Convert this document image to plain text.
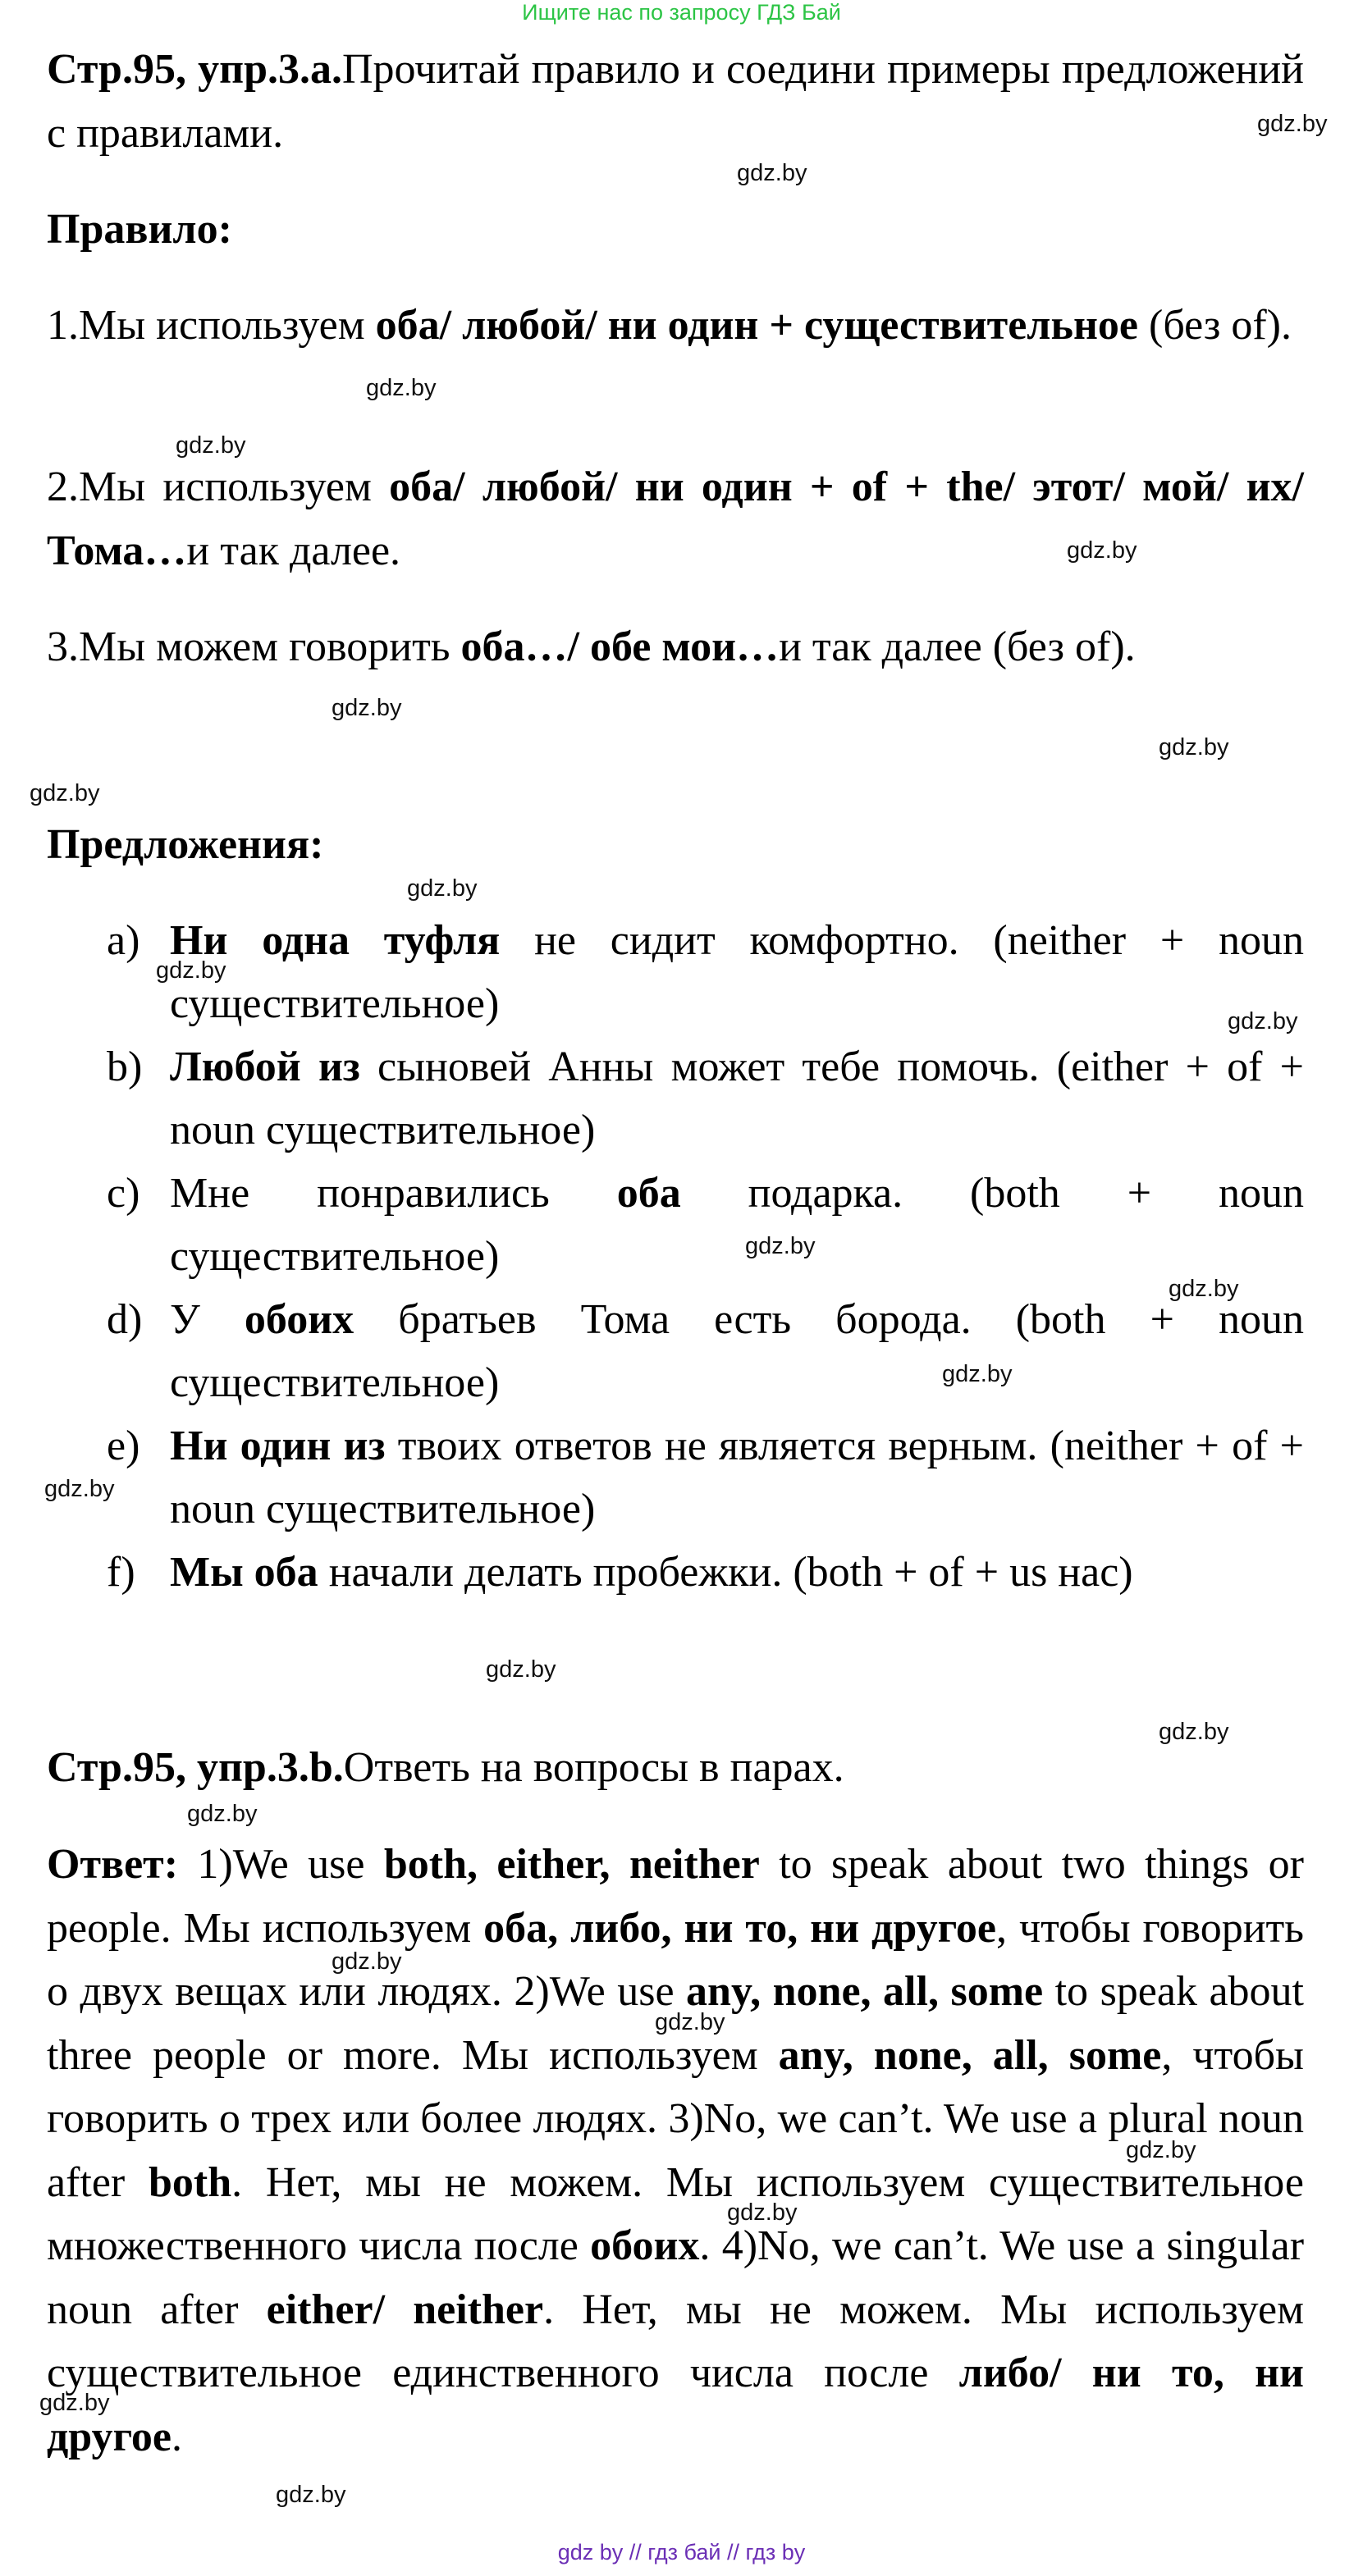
Ищите нас по запросу ГДЗ Бай

Стр.95, упр.3.a.Прочитай правило и соедини примеры предложений с правилами.

Правило:

1.Мы используем оба/ любой/ ни один + существительное (без of).

2.Мы используем оба/ любой/ ни один + of + the/ этот/ мой/ их/ Тома…и так далее.

3.Мы можем говорить оба…/ обе мои…и так далее (без of).

Предложения:
a) Ни одна туфля не сидит комфортно. (neither + noun существительное)
b) Любой из сыновей Анны может тебе помочь. (either + of + noun существительное)
c) Мне понравились оба подарка. (both + noun существительное)
d) У обоих братьев Тома есть борода. (both + noun существительное)
e) Ни один из твоих ответов не является верным. (neither + of + noun существительное)
f) Мы оба начали делать пробежки. (both + of + us нас)

Стр.95, упр.3.b.Ответь на вопросы в парах.

Ответ: 1)We use both, either, neither to speak about two things or people. Мы используем оба, либо, ни то, ни другое, чтобы говорить о двух вещах или людях. 2)We use any, none, all, some to speak about three people or more. Мы используем any, none, all, some, чтобы говорить о трех или более людях. 3)No, we can’t. We use a plural noun after both. Нет, мы не можем. Мы используем существительное множественного числа после обоих. 4)No, we can’t. We use a singular noun after either/ neither. Нет, мы не можем. Мы используем существительное единственного числа после либо/ ни то, ни другое.

gdz.by
gdz.by
gdz.by
gdz.by
gdz.by
gdz.by
gdz.by
gdz.by
gdz.by
gdz.by
gdz.by
gdz.by
gdz.by
gdz.by
gdz.by
gdz.by
gdz.by
gdz.by
gdz.by
gdz.by
gdz.by
gdz.by
gdz.by
gdz.by
gdz by // гдз бай // гдз by
